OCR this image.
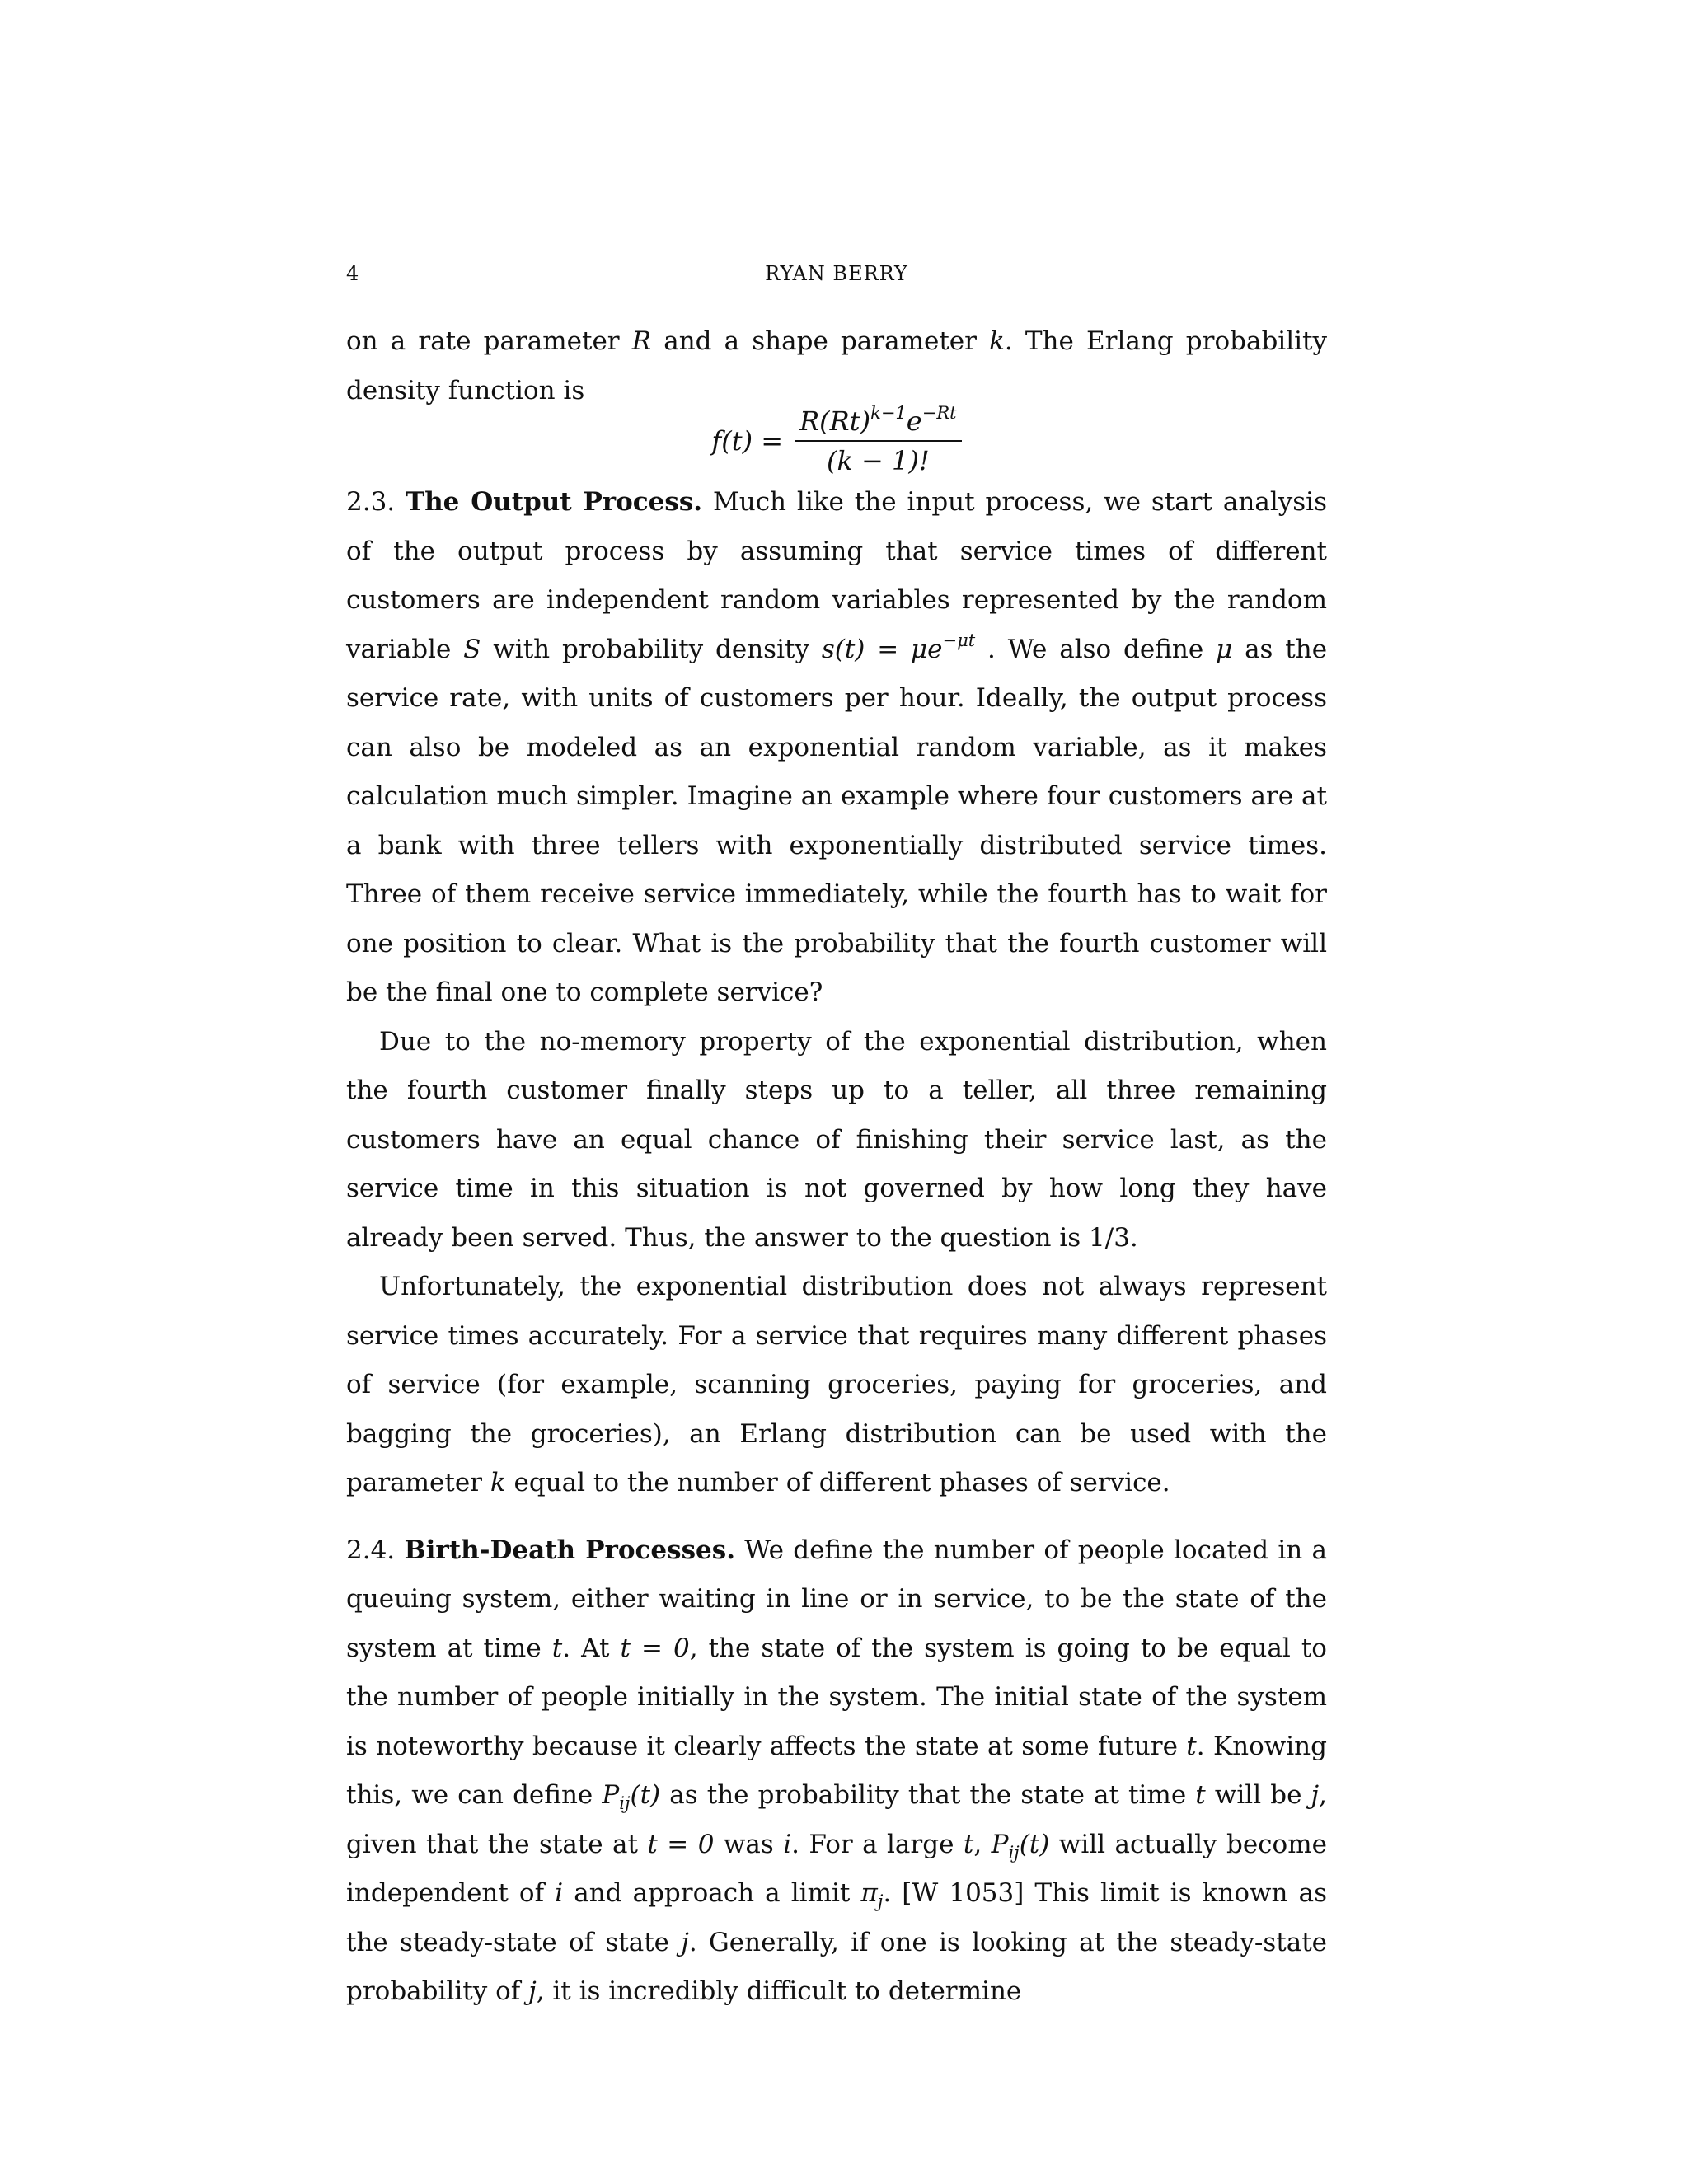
4	RYAN BERRY

on a rate parameter R and a shape parameter k. The Erlang probability density function is

$f(t) = \frac{R(Rt)^{k-1}e^{-Rt}}{(k - 1)!}$

2.3. The Output Process. Much like the input process, we start analysis of the output process by assuming that service times of different customers are independent random variables represented by the random variable S with probability density $s(t) = \mu e^{-\mu t}$ . We also define μ as the service rate, with units of customers per hour. Ideally, the output process can also be modeled as an exponential random variable, as it makes calculation much simpler. Imagine an example where four customers are at a bank with three tellers with exponentially distributed service times. Three of them receive service immediately, while the fourth has to wait for one position to clear. What is the probability that the fourth customer will be the final one to complete service?

Due to the no-memory property of the exponential distribution, when the fourth customer finally steps up to a teller, all three remaining customers have an equal chance of finishing their service last, as the service time in this situation is not governed by how long they have already been served. Thus, the answer to the question is 1/3.

Unfortunately, the exponential distribution does not always represent service times accurately. For a service that requires many different phases of service (for example, scanning groceries, paying for groceries, and bagging the groceries), an Erlang distribution can be used with the parameter k equal to the number of different phases of service.

2.4. Birth-Death Processes. We define the number of people located in a queuing system, either waiting in line or in service, to be the state of the system at time t. At t = 0, the state of the system is going to be equal to the number of people initially in the system. The initial state of the system is noteworthy because it clearly affects the state at some future t. Knowing this, we can define $P_{ij}(t)$ as the probability that the state at time t will be j, given that the state at t = 0 was i. For a large t, $P_{ij}(t)$ will actually become independent of i and approach a limit $\pi_j$. [W 1053] This limit is known as the steady-state of state j. Generally, if one is looking at the steady-state probability of j, it is incredibly difficult to determine
